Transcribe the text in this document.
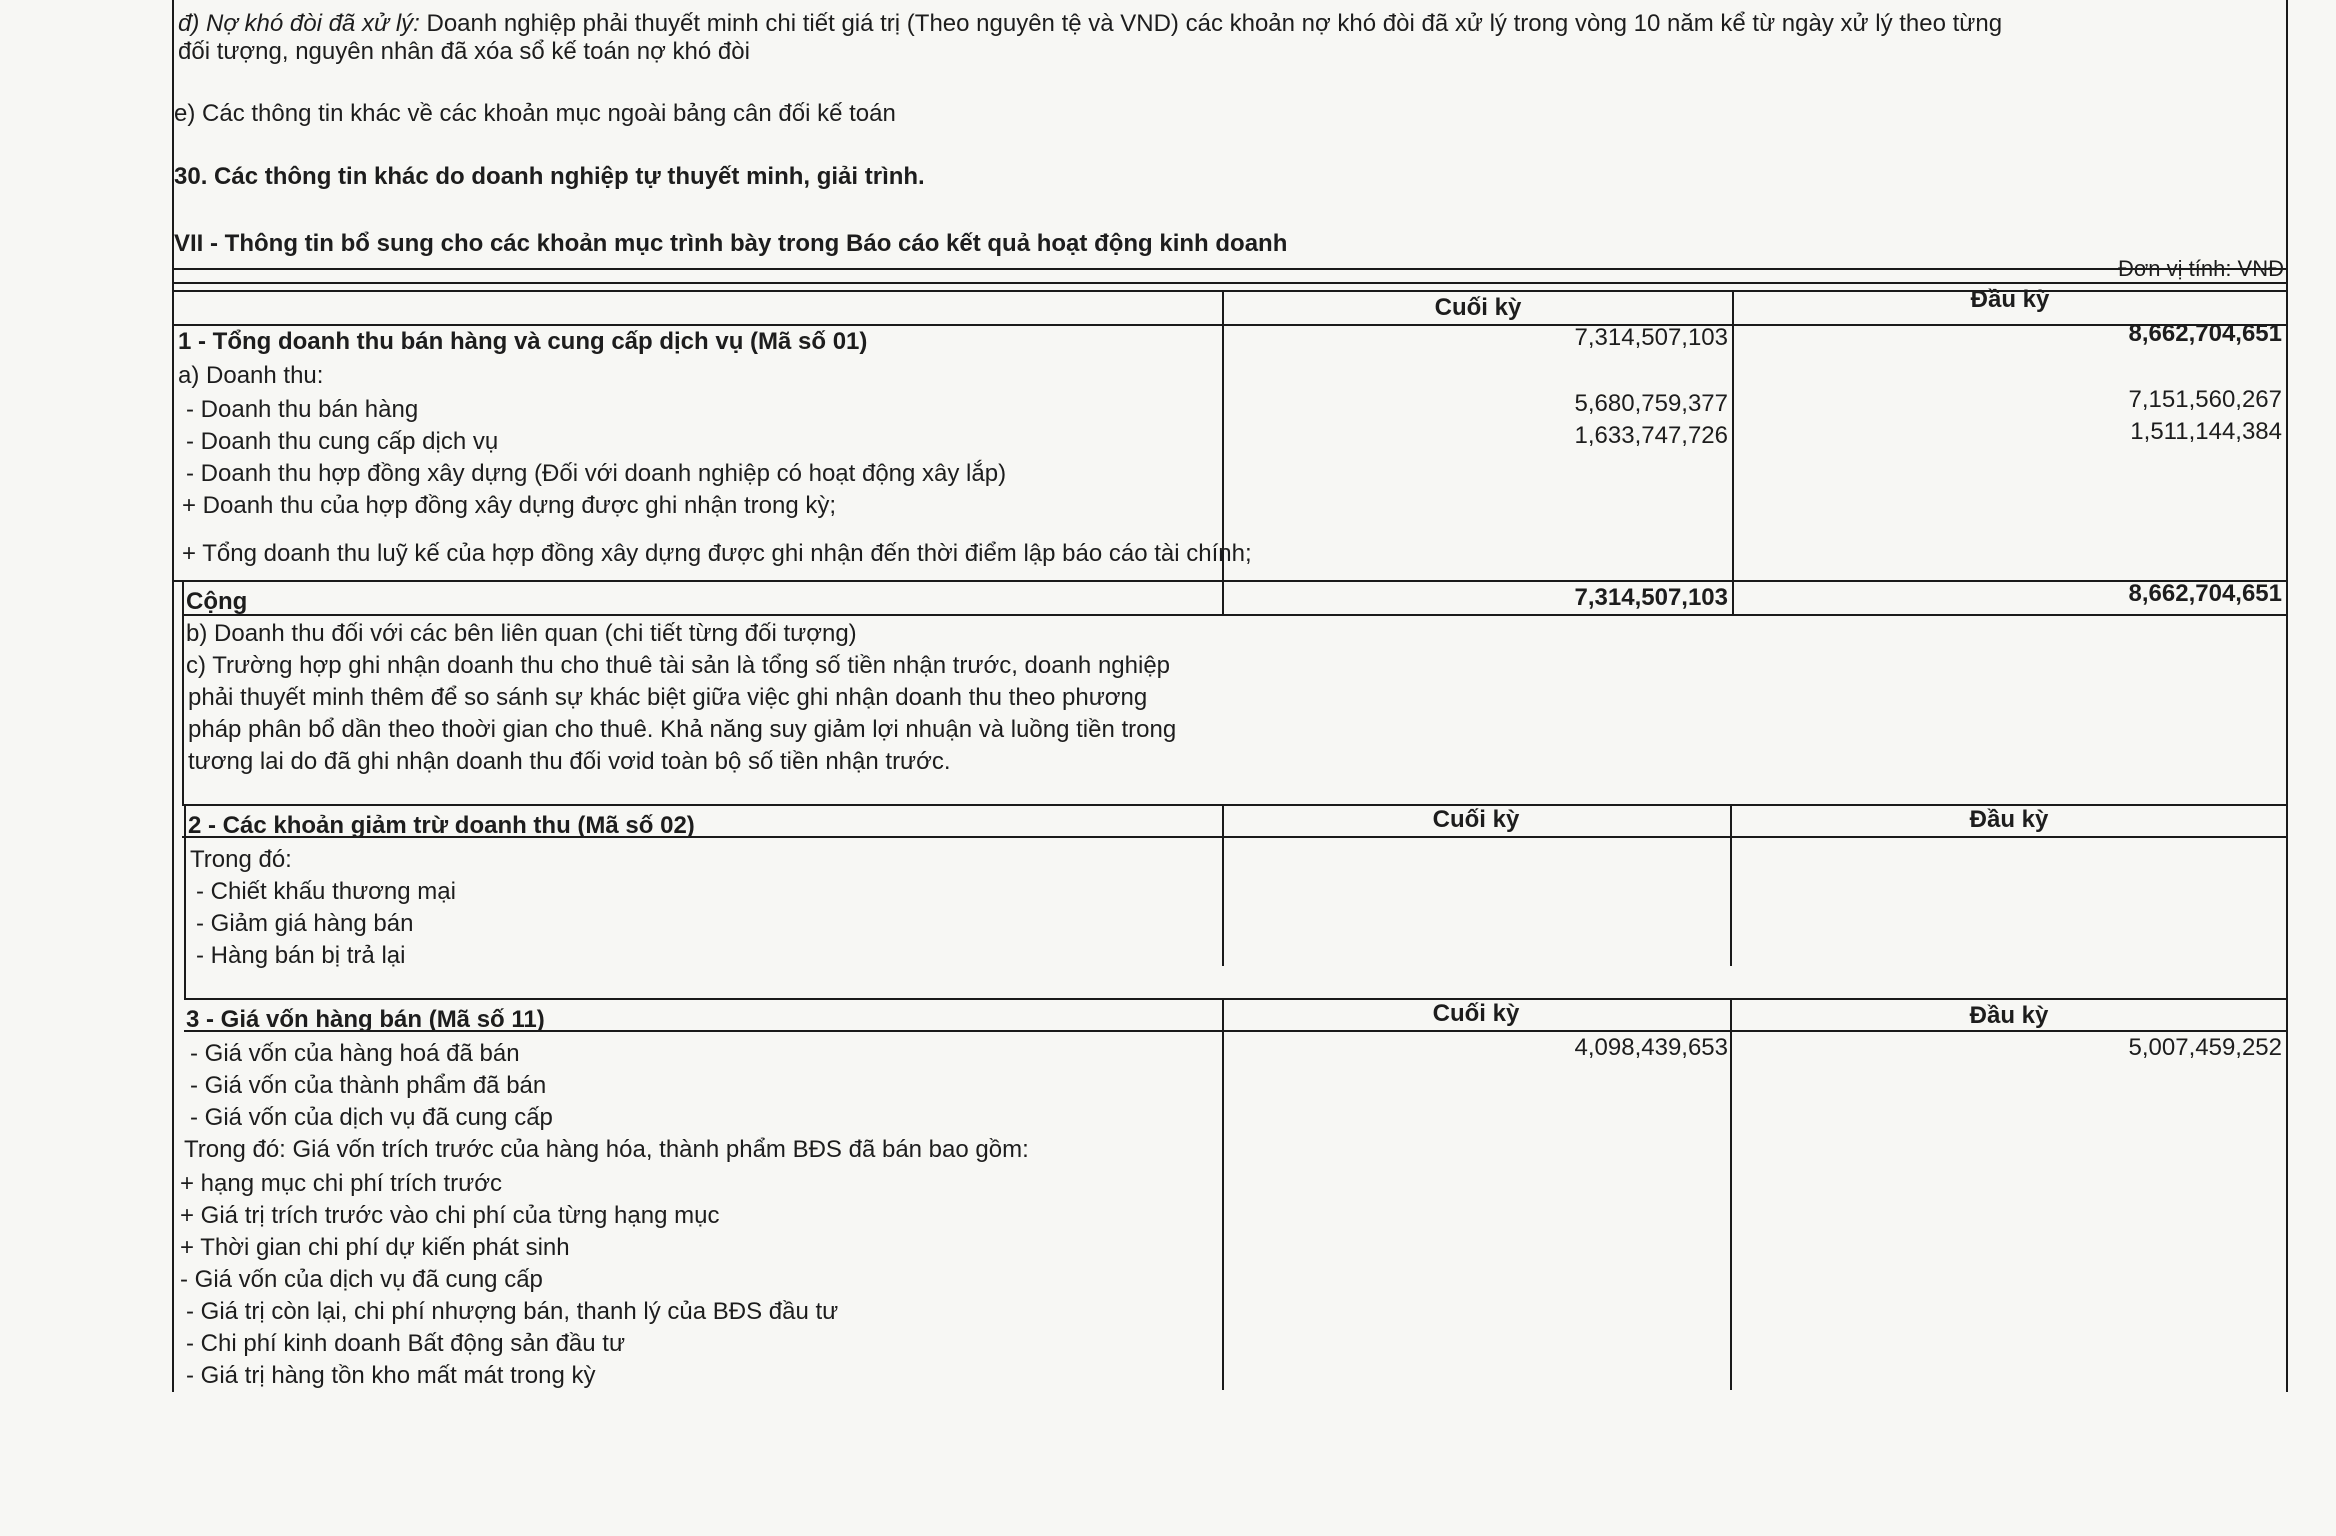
đ) Nợ khó đòi đã xử lý: Doanh nghiệp phải thuyết minh chi tiết giá trị (Theo nguyên tệ và VND) các khoản nợ khó đòi đã xử lý trong vòng 10 năm kể từ ngày xử lý theo từng
đối tượng, nguyên nhân đã xóa sổ kế toán nợ khó đòi
e) Các thông tin khác về các khoản mục ngoài bảng cân đối kế toán
30. Các thông tin khác do doanh nghiệp tự thuyết minh, giải trình.
VII - Thông tin bổ sung cho các khoản mục trình bày trong Báo cáo kết quả hoạt động kinh doanh
Đơn vị tính: VNĐ
Cuối kỳ	Đầu kỳ
1 - Tổng doanh thu bán hàng và cung cấp dịch vụ (Mã số 01)	7,314,507,103	8,662,704,651
a) Doanh thu:
- Doanh thu bán hàng	5,680,759,377	7,151,560,267
- Doanh thu cung cấp dịch vụ	1,633,747,726	1,511,144,384
- Doanh thu hợp đồng xây dựng (Đối với doanh nghiệp có hoạt động xây lắp)
+ Doanh thu của hợp đồng xây dựng được ghi nhận trong kỳ;
+ Tổng doanh thu luỹ kế của hợp đồng xây dựng được ghi nhận đến thời điểm lập báo cáo tài chính;
Cộng	7,314,507,103	8,662,704,651
b) Doanh thu đối với các bên liên quan (chi tiết từng đối tượng)
c) Trường hợp ghi nhận doanh thu cho thuê tài sản là tổng số tiền nhận trước, doanh nghiệp
phải thuyết minh thêm để so sánh sự khác biệt giữa việc ghi nhận doanh thu theo phương
pháp phân bổ dần theo thoời gian cho thuê. Khả năng suy giảm lợi nhuận và luồng tiền trong
tương lai do đã ghi nhận doanh thu đối vơid toàn bộ số tiền nhận trước.
2 - Các khoản giảm trừ doanh thu (Mã số 02)	Cuối kỳ	Đầu kỳ
Trong đó:
- Chiết khấu thương mại
- Giảm giá hàng bán
- Hàng bán bị trả lại
3 - Giá vốn hàng bán (Mã số 11)	Cuối kỳ	Đầu kỳ
- Giá vốn của hàng hoá đã bán	4,098,439,653	5,007,459,252
- Giá vốn của thành phẩm đã bán
- Giá vốn của dịch vụ đã cung cấp
Trong đó: Giá vốn trích trước của hàng hóa, thành phẩm BĐS đã bán bao gồm:
+ hạng mục chi phí trích trước
+ Giá trị trích trước vào chi phí của từng hạng mục
+ Thời gian chi phí dự kiến phát sinh
- Giá vốn của dịch vụ đã cung cấp
- Giá trị còn lại, chi phí nhượng bán, thanh lý của BĐS đầu tư
- Chi phí kinh doanh Bất động sản đầu tư
- Giá trị hàng tồn kho mất mát trong kỳ
